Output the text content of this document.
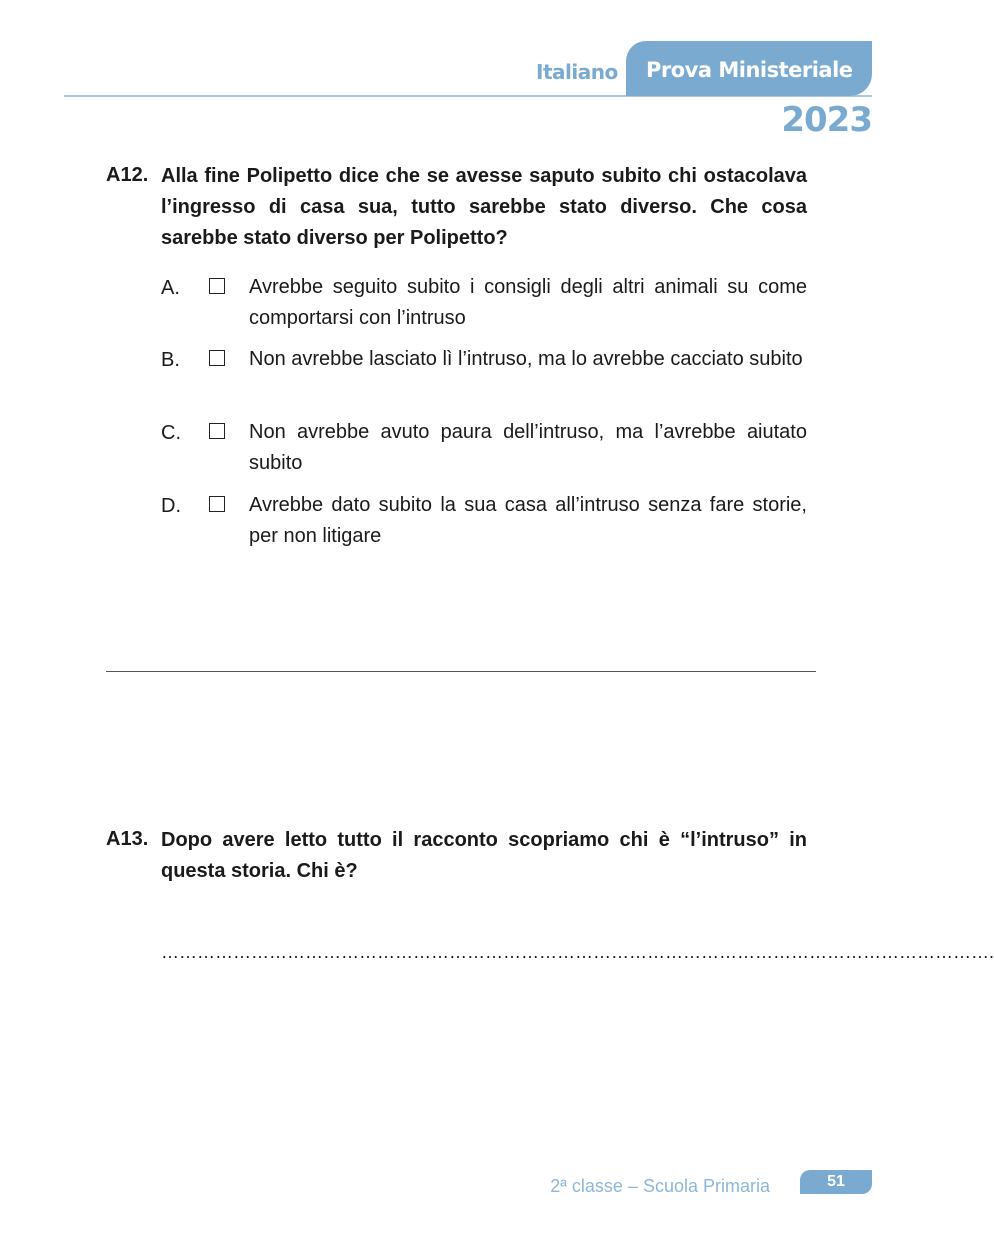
Italiano Prova Ministeriale
2023
A12. Alla fine Polipetto dice che se avesse saputo subito chi ostacolava l’ingresso di casa sua, tutto sarebbe stato diverso. Che cosa sarebbe stato diverso per Polipetto?
A.	Avrebbe seguito subito i consigli degli altri animali su come comportarsi con l’intruso
B.	Non avrebbe lasciato lì l’intruso, ma lo avrebbe cacciato subito
C.	Non avrebbe avuto paura dell’intruso, ma l’avrebbe aiutato subito
D.	Avrebbe dato subito la sua casa all’intruso senza fare storie, per non litigare
A13. Dopo avere letto tutto il racconto scopriamo chi è “l’intruso” in questa storia. Chi è?
………………………………………………………………………………………………………………………….
2ª classe – Scuola Primaria	51
